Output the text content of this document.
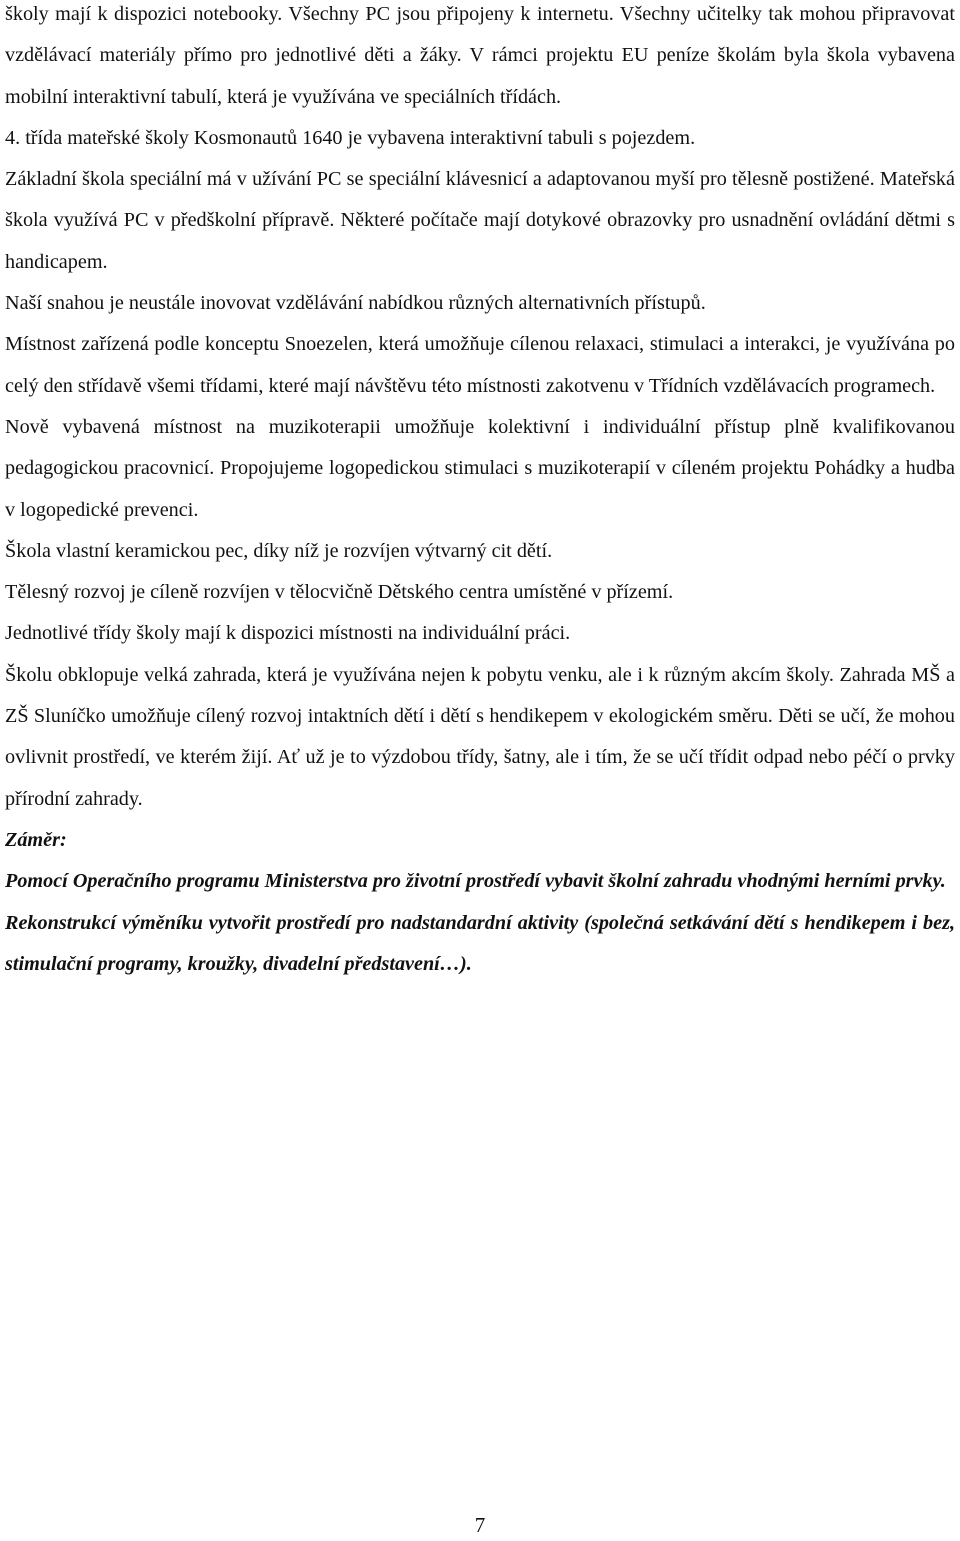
školy mají k dispozici notebooky. Všechny PC jsou připojeny k internetu. Všechny učitelky tak mohou připravovat vzdělávací materiály přímo pro jednotlivé děti a žáky. V rámci projektu EU peníze školám byla škola vybavena mobilní interaktivní tabulí, která je využívána ve speciálních třídách.

4. třída mateřské školy Kosmonautů 1640 je vybavena interaktivní tabuli s pojezdem.

Základní škola speciální má v užívání PC se speciální klávesnicí a adaptovanou myší pro tělesně postižené. Mateřská škola využívá PC v předškolní přípravě. Některé počítače mají dotykové obrazovky pro usnadnění ovládání dětmi s handicapem.

Naší snahou je neustále inovovat vzdělávání nabídkou různých alternativních přístupů.

Místnost zařízená podle konceptu Snoezelen, která umožňuje cílenou relaxaci, stimulaci a interakci, je využívána po celý den střídavě všemi třídami, které mají návštěvu této místnosti zakotvenu v Třídních vzdělávacích programech.

Nově vybavená místnost na muzikoterapii umožňuje kolektivní i individuální přístup plně kvalifikovanou pedagogickou pracovnicí. Propojujeme logopedickou stimulaci s muzikoterapií v cíleném projektu Pohádky a hudba v logopedické prevenci.

Škola vlastní keramickou pec, díky níž je rozvíjen výtvarný cit dětí.

Tělesný rozvoj je cíleně rozvíjen v tělocvičně Dětského centra umístěné v přízemí.

Jednotlivé třídy školy mají k dispozici místnosti na individuální práci.

Školu obklopuje velká zahrada, která je využívána nejen k pobytu venku, ale i k různým akcím školy. Zahrada MŠ a ZŠ Sluníčko umožňuje cílený rozvoj intaktních dětí i dětí s hendikepem v ekologickém směru. Děti se učí, že mohou ovlivnit prostředí, ve kterém žijí. Ať už je to výzdobou třídy, šatny, ale i tím, že se učí třídit odpad nebo péčí o prvky přírodní zahrady.

Záměr:

Pomocí Operačního programu Ministerstva pro životní prostředí vybavit školní zahradu vhodnými herními prvky.

Rekonstrukcí výměníku vytvořit prostředí pro nadstandardní aktivity (společná setkávání dětí s hendikepem i bez, stimulační programy, kroužky, divadelní představení…).

7
